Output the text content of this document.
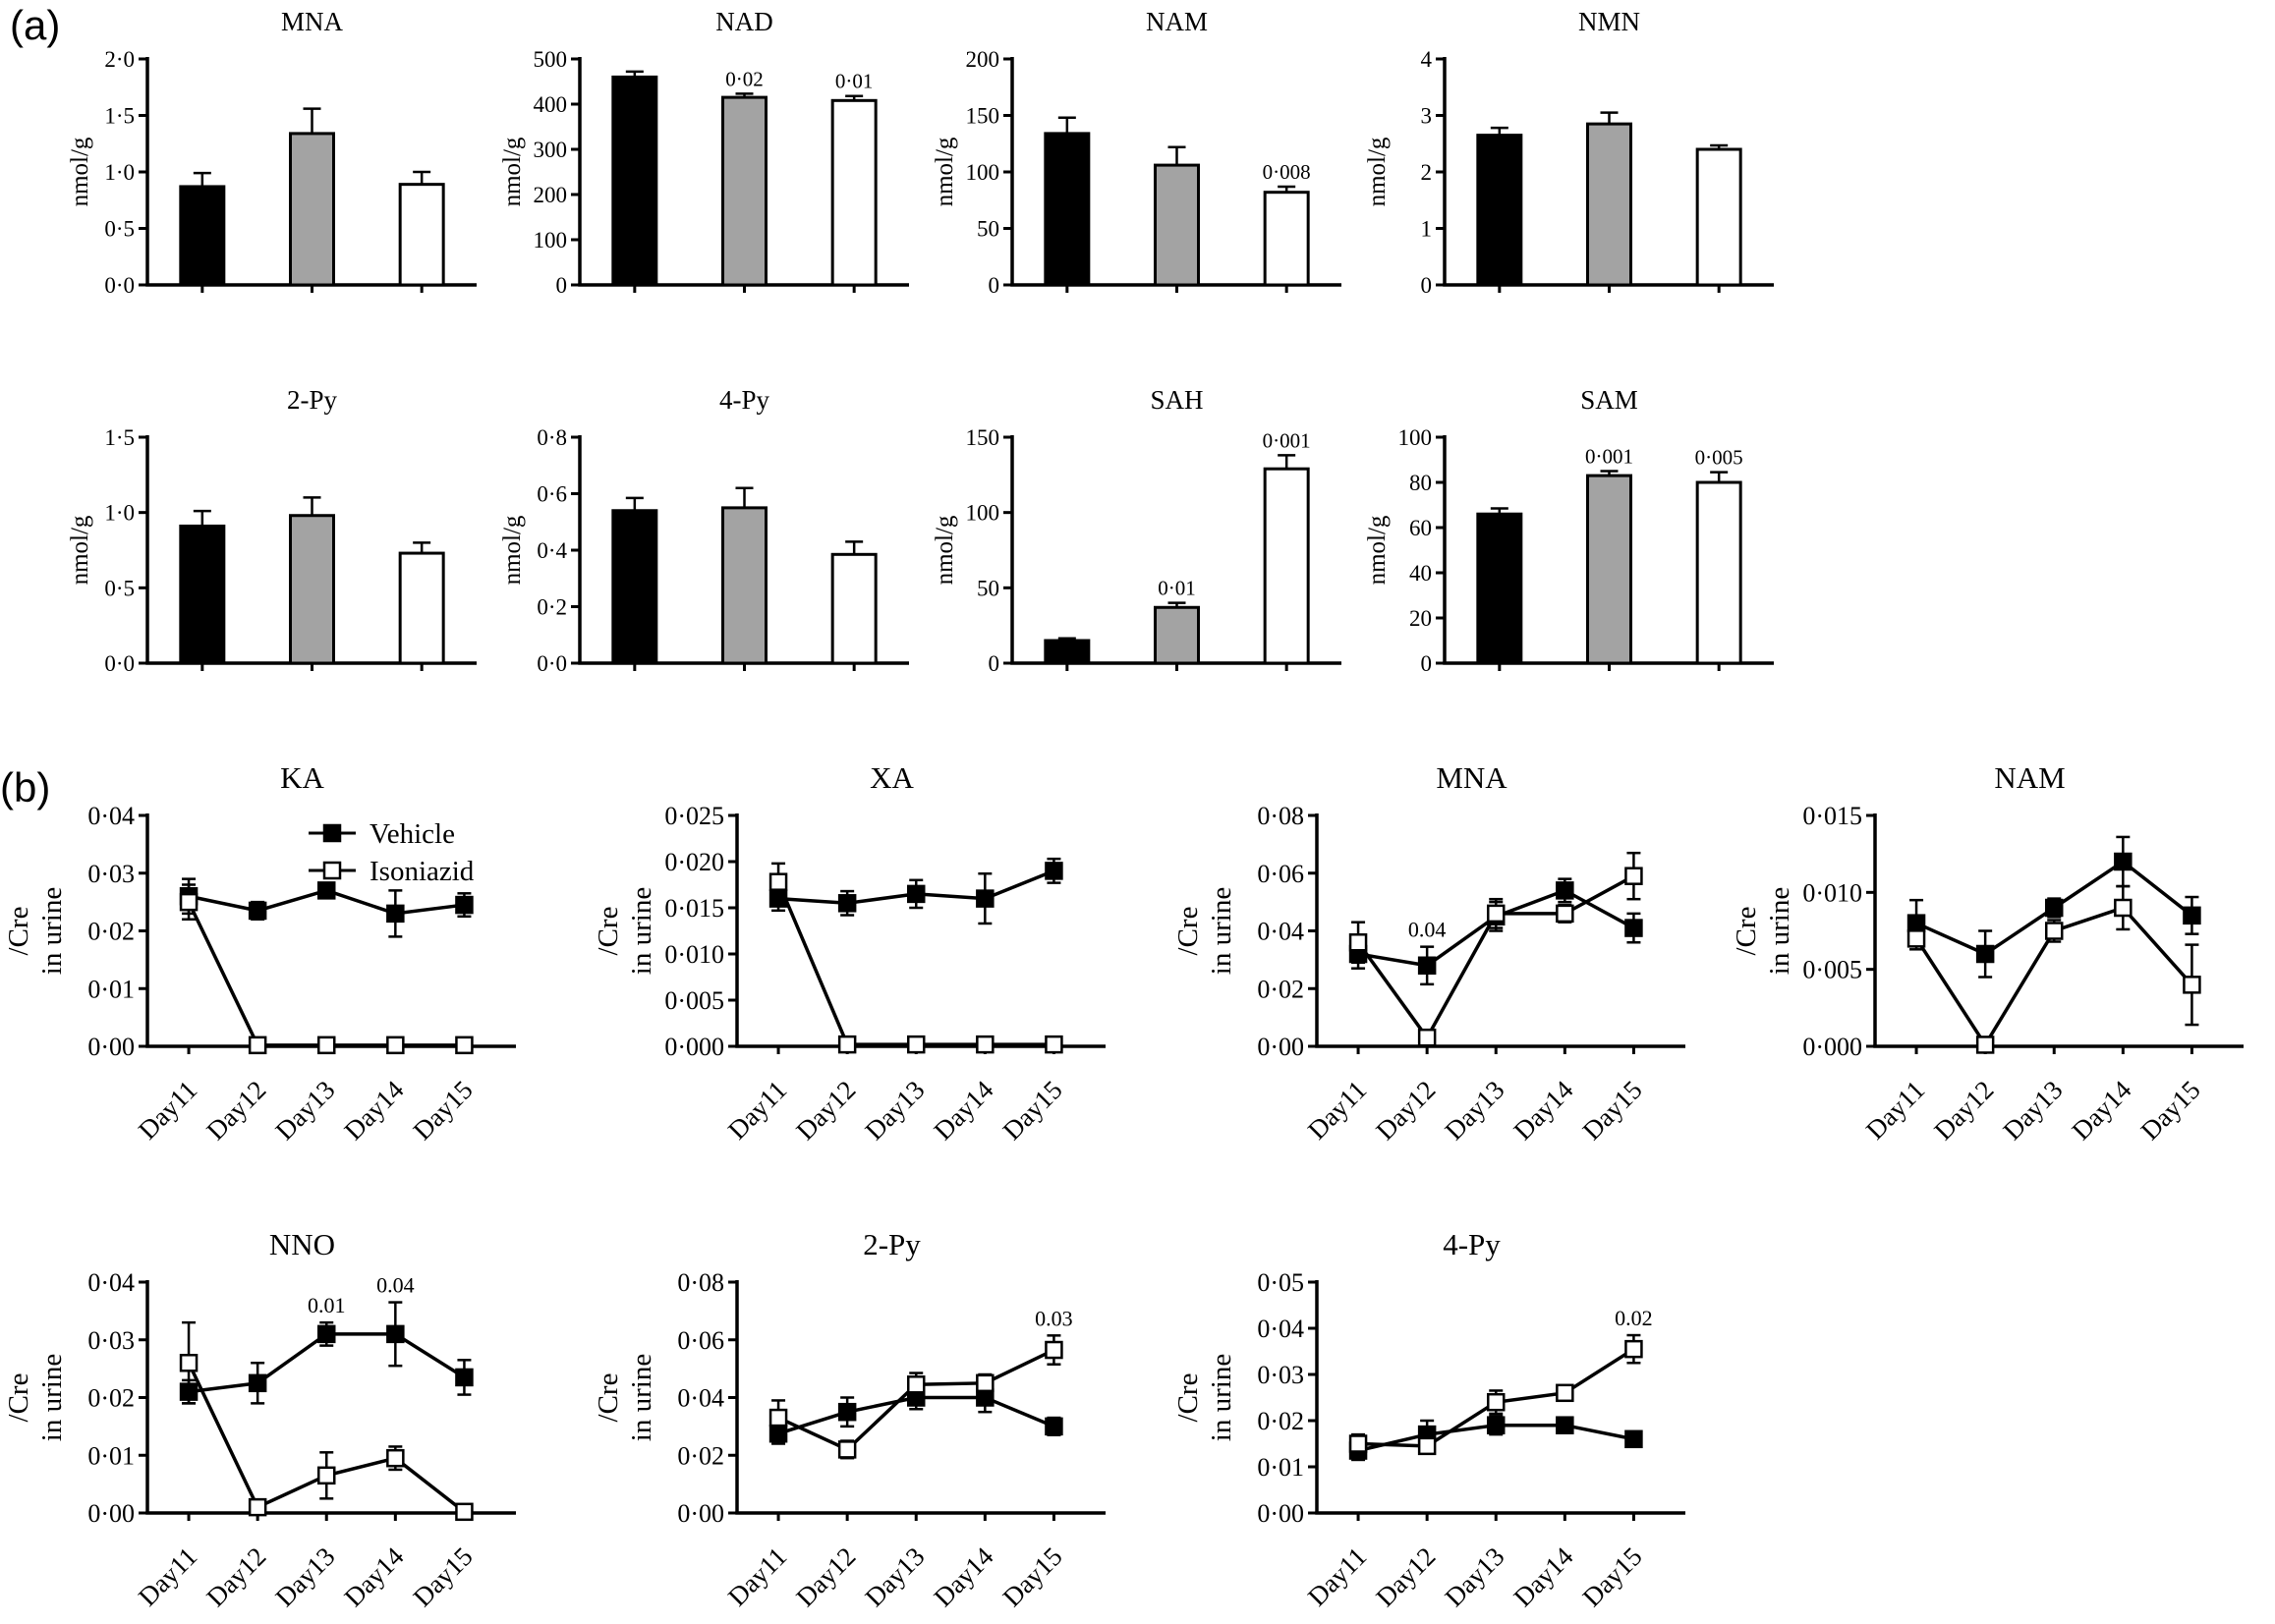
(a)
(b)
MNA
nmol/g
0·0
0·5
1·0
1·5
2·0
NAD
nmol/g
0
100
200
300
400
500
0·02	0·01
NAM
nmol/g
0
50
100
150
200
0·008
NMN
nmol/g
0
1
2
3
4
2-Py
nmol/g
0·0
0·5
1·0
1·5
4-Py
nmol/g
0·0
0·2
0·4
0·6
0·8
SAH
nmol/g
0
50
100
150
0·01
0·001
SAM
nmol/g
0
20
40
60
80
100
0·001	0·005
KA
/Cre in urine
0·00
0·01
0·02
0·03
0·04
Day11
Day12
Day13
Day14
Day15
Vehicle
Isoniazid
XA
/Cre in urine
0·000
0·005
0·010
0·015
0·020
0·025
Day11
Day12
Day13
Day14
Day15
MNA
/Cre in urine
0·00
0·02
0·04
0·06
0·08
Day11
Day12
Day13
Day14
Day15
0.04
NAM
/Cre in urine
0·000
0·005
0·010
0·015
Day11
Day12
Day13
Day14
Day15
NNO
/Cre in urine
0·00
0·01
0·02
0·03
0·04
Day11
Day12
Day13
Day14
Day15
0.01
0.04
2-Py
/Cre in urine
0·00
0·02
0·04
0·06
0·08
Day11
Day12
Day13
Day14
Day15
0.03
4-Py
/Cre in urine
0·00
0·01
0·02
0·03
0·04
0·05
Day11
Day12
Day13
Day14
Day15
0.02
